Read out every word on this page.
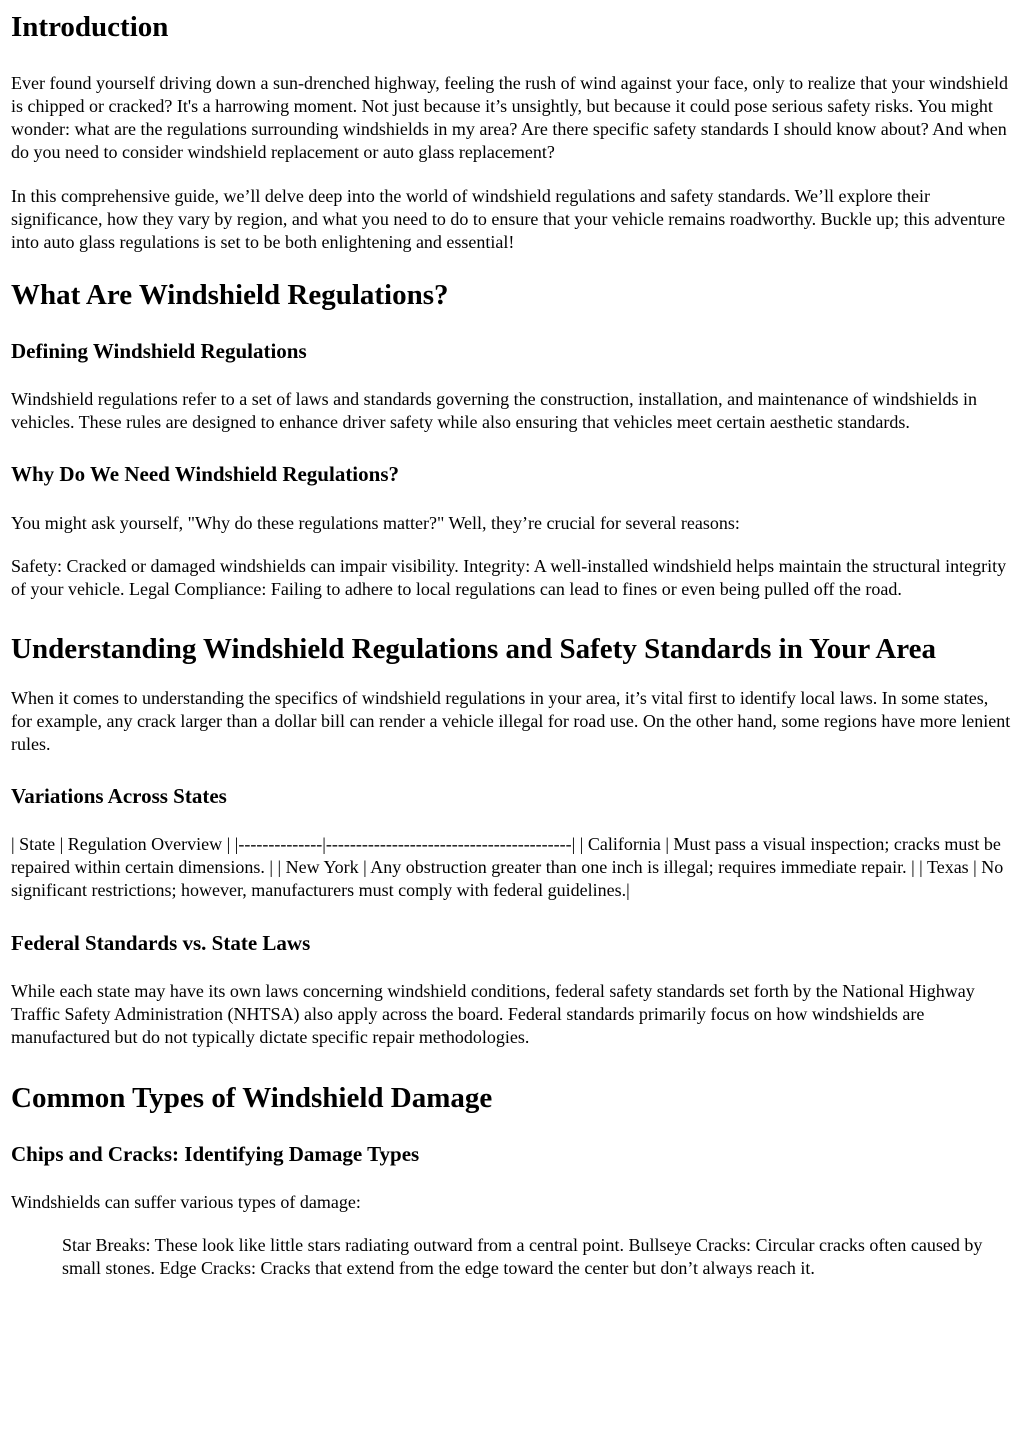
Introduction

Ever found yourself driving down a sun-drenched highway, feeling the rush of wind against your face, only to realize that your windshield is chipped or cracked? It's a harrowing moment. Not just because it’s unsightly, but because it could pose serious safety risks. You might wonder: what are the regulations surrounding windshields in my area? Are there specific safety standards I should know about? And when do you need to consider windshield replacement or auto glass replacement?

In this comprehensive guide, we’ll delve deep into the world of windshield regulations and safety standards. We’ll explore their significance, how they vary by region, and what you need to do to ensure that your vehicle remains roadworthy. Buckle up; this adventure into auto glass regulations is set to be both enlightening and essential!

What Are Windshield Regulations?
Defining Windshield Regulations

Windshield regulations refer to a set of laws and standards governing the construction, installation, and maintenance of windshields in vehicles. These rules are designed to enhance driver safety while also ensuring that vehicles meet certain aesthetic standards.

Why Do We Need Windshield Regulations?

You might ask yourself, "Why do these regulations matter?" Well, they’re crucial for several reasons:

Safety: Cracked or damaged windshields can impair visibility. Integrity: A well-installed windshield helps maintain the structural integrity of your vehicle. Legal Compliance: Failing to adhere to local regulations can lead to fines or even being pulled off the road.

Understanding Windshield Regulations and Safety Standards in Your Area

When it comes to understanding the specifics of windshield regulations in your area, it’s vital first to identify local laws. In some states, for example, any crack larger than a dollar bill can render a vehicle illegal for road use. On the other hand, some regions have more lenient rules.

Variations Across States

| State | Regulation Overview | |--------------|-----------------------------------------| | California | Must pass a visual inspection; cracks must be repaired within certain dimensions. | | New York | Any obstruction greater than one inch is illegal; requires immediate repair. | | Texas | No significant restrictions; however, manufacturers must comply with federal guidelines.|

Federal Standards vs. State Laws

While each state may have its own laws concerning windshield conditions, federal safety standards set forth by the National Highway Traffic Safety Administration (NHTSA) also apply across the board. Federal standards primarily focus on how windshields are manufactured but do not typically dictate specific repair methodologies.

Common Types of Windshield Damage
Chips and Cracks: Identifying Damage Types

Windshields can suffer various types of damage:

Star Breaks: These look like little stars radiating outward from a central point. Bullseye Cracks: Circular cracks often caused by small stones. Edge Cracks: Cracks that extend from the edge toward the center but don’t always reach it.
